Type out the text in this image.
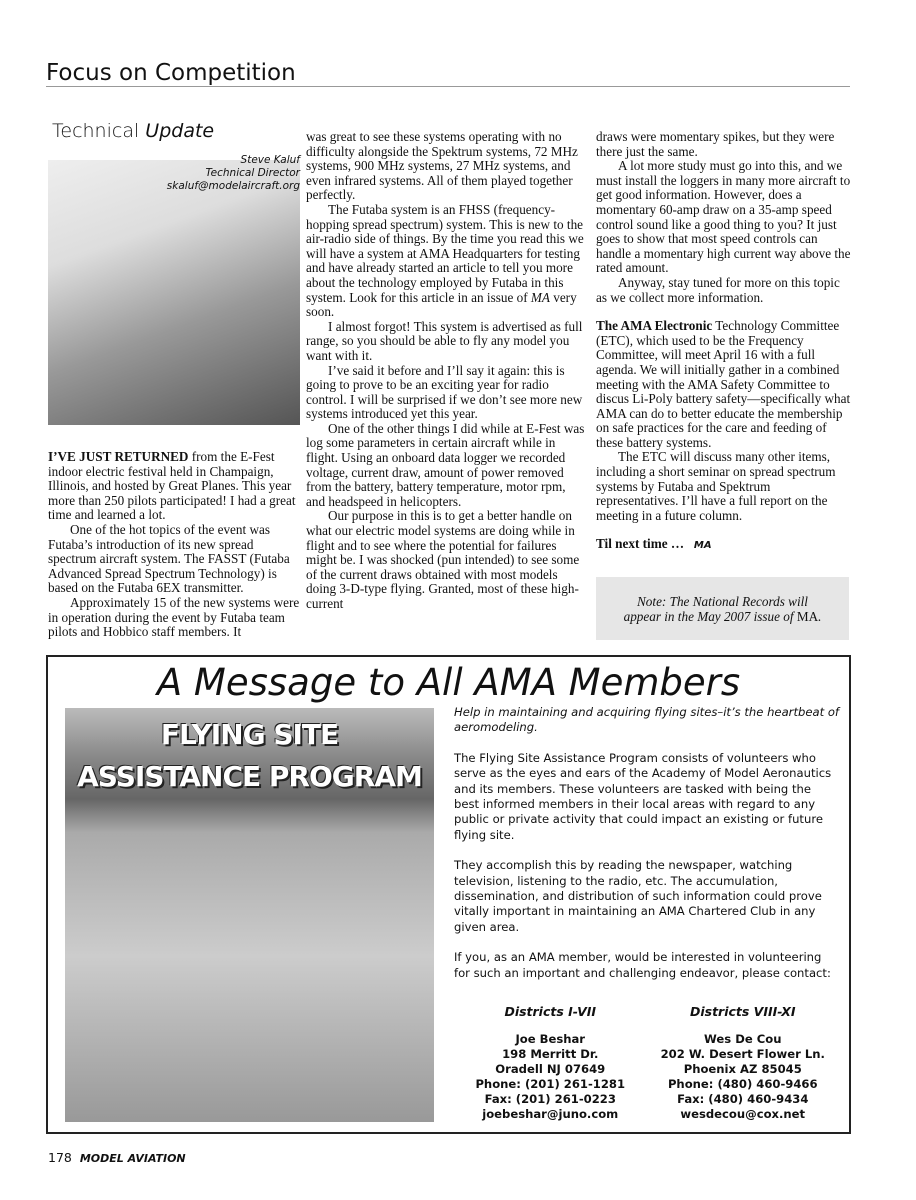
Focus on Competition
Technical Update
Steve Kaluf
Technical Director
skaluf@modelaircraft.org

I’VE JUST RETURNED from the E-Fest indoor electric festival held in Champaign, Illinois, and hosted by Great Planes. This year more than 250 pilots participated! I had a great time and learned a lot.

One of the hot topics of the event was Futaba’s introduction of its new spread spectrum aircraft system. The FASST (Futaba Advanced Spread Spectrum Technology) is based on the Futaba 6EX transmitter.

Approximately 15 of the new systems were in operation during the event by Futaba team pilots and Hobbico staff members. It

was great to see these systems operating with no difficulty alongside the Spektrum systems, 72 MHz systems, 900 MHz systems, 27 MHz systems, and even infrared systems. All of them played together perfectly.

The Futaba system is an FHSS (frequency-hopping spread spectrum) system. This is new to the air-radio side of things. By the time you read this we will have a system at AMA Headquarters for testing and have already started an article to tell you more about the technology employed by Futaba in this system. Look for this article in an issue of MA very soon.

I almost forgot! This system is advertised as full range, so you should be able to fly any model you want with it.

I’ve said it before and I’ll say it again: this is going to prove to be an exciting year for radio control. I will be surprised if we don’t see more new systems introduced yet this year.

One of the other things I did while at E-Fest was log some parameters in certain aircraft while in flight. Using an onboard data logger we recorded voltage, current draw, amount of power removed from the battery, battery temperature, motor rpm, and headspeed in helicopters.

Our purpose in this is to get a better handle on what our electric model systems are doing while in flight and to see where the potential for failures might be. I was shocked (pun intended) to see some of the current draws obtained with most models doing 3-D-type flying. Granted, most of these high-current

draws were momentary spikes, but they were there just the same.

A lot more study must go into this, and we must install the loggers in many more aircraft to get good information. However, does a momentary 60-amp draw on a 35-amp speed control sound like a good thing to you? It just goes to show that most speed controls can handle a momentary high current way above the rated amount.

Anyway, stay tuned for more on this topic as we collect more information.

The AMA Electronic Technology Committee (ETC), which used to be the Frequency Committee, will meet April 16 with a full agenda. We will initially gather in a combined meeting with the AMA Safety Committee to discus Li-Poly battery safety—specifically what AMA can do to better educate the membership on safe practices for the care and feeding of these battery systems.

The ETC will discuss many other items, including a short seminar on spread spectrum systems by Futaba and Spektrum representatives. I’ll have a full report on the meeting in a future column.

Til next time … MA

Note: The National Records will
appear in the May 2007 issue of MA.
A Message to All AMA Members
FLYING SITE
ASSISTANCE PROGRAM

Help in maintaining and acquiring flying sites–it’s the heartbeat of aeromodeling.

The Flying Site Assistance Program consists of volunteers who serve as the eyes and ears of the Academy of Model Aeronautics and its members. These volunteers are tasked with being the best informed members in their local areas with regard to any public or private activity that could impact an existing or future flying site.

They accomplish this by reading the newspaper, watching television, listening to the radio, etc. The accumulation, dissemination, and distribution of such information could prove vitally important in maintaining an AMA Chartered Club in any given area.

If you, as an AMA member, would be interested in volunteering for such an important and challenging endeavor, please contact:

Districts I-VII
Joe Beshar
198 Merritt Dr.
Oradell NJ 07649
Phone: (201) 261-1281
Fax: (201) 261-0223
joebeshar@juno.com
Districts VIII-XI
Wes De Cou
202 W. Desert Flower Ln.
Phoenix AZ 85045
Phone: (480) 460-9466
Fax: (480) 460-9434
wesdecou@cox.net
178 MODEL AVIATION
